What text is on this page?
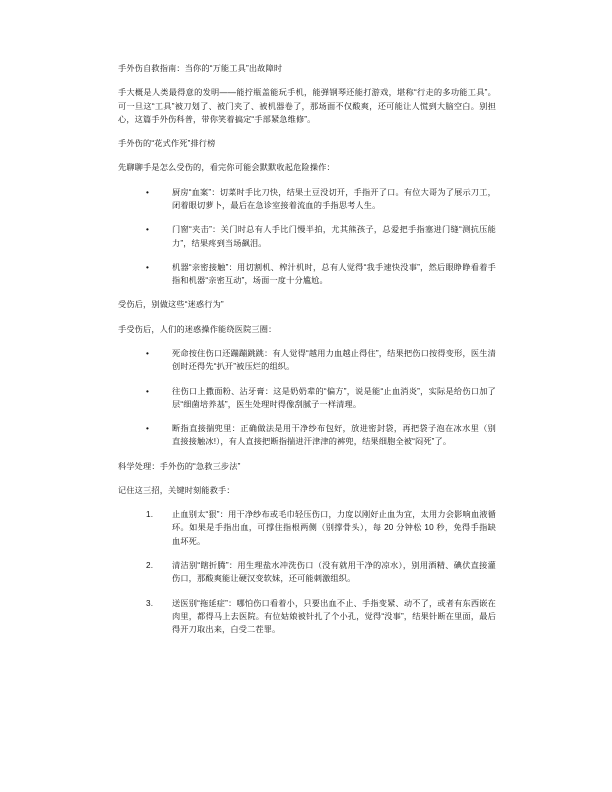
手外伤自救指南：当你的“万能工具”出故障时

手大概是人类最得意的发明——能拧瓶盖能玩手机，能弹钢琴还能打游戏，堪称“行走的多功能工具”。可一旦这“工具”被刀划了、被门夹了、被机器卷了，那场面不仅酸爽，还可能让人慌到大脑空白。别担心，这篇手外伤科普，带你笑着搞定“手部紧急维修”。

手外伤的“花式作死”排行榜

先聊聊手是怎么受伤的，看完你可能会默默收起危险操作：

•	厨房“血案”：切菜时手比刀快，结果土豆没切开，手指开了口。有位大哥为了展示刀工，闭着眼切萝卜，最后在急诊室接着流血的手指思考人生。
•	门窗“夹击”：关门时总有人手比门慢半拍，尤其熊孩子，总爱把手指塞进门缝“测抗压能力”，结果疼到当场飙泪。
•	机器“亲密接触”：用切割机、榨汁机时，总有人觉得“我手速快没事”，然后眼睁睁看着手指和机器“亲密互动”，场面一度十分尴尬。

受伤后，别做这些“迷惑行为”

手受伤后，人们的迷惑操作能绕医院三圈：

•	死命按住伤口还蹦蹦跳跳：有人觉得“越用力血越止得住”，结果把伤口按得变形，医生清创时还得先“扒开”被压烂的组织。
•	往伤口上撒面粉、沾牙膏：这是奶奶辈的“偏方”，说是能“止血消炎”，实际是给伤口加了层“细菌培养基”，医生处理时得像刮腻子一样清理。
•	断指直接揣兜里：正确做法是用干净纱布包好，放进密封袋，再把袋子泡在冰水里（别直接接触冰!），有人直接把断指揣进汗津津的裤兜，结果细胞全被“闷死”了。

科学处理：手外伤的“急救三步法”

记住这三招，关键时刻能救手：

1.	止血别太“狠”：用干净纱布或毛巾轻压伤口，力度以刚好止血为宜，太用力会影响血液循环。如果是手指出血，可撑住指根两侧（别撑骨头），每 20 分钟松 10 秒，免得手指缺血坏死。
2.	清洁别“瞎折腾”：用生理盐水冲洗伤口（没有就用干净的凉水），别用酒精、碘伏直接灌伤口，那酸爽能让硬汉变软妹，还可能刺激组织。
3.	送医别“拖延症”：哪怕伤口看着小，只要出血不止、手指变紧、动不了，或者有东西嵌在肉里，都得马上去医院。有位姑娘被针扎了个小孔，觉得“没事”，结果针断在里面，最后得开刀取出来，白受二茬罪。
